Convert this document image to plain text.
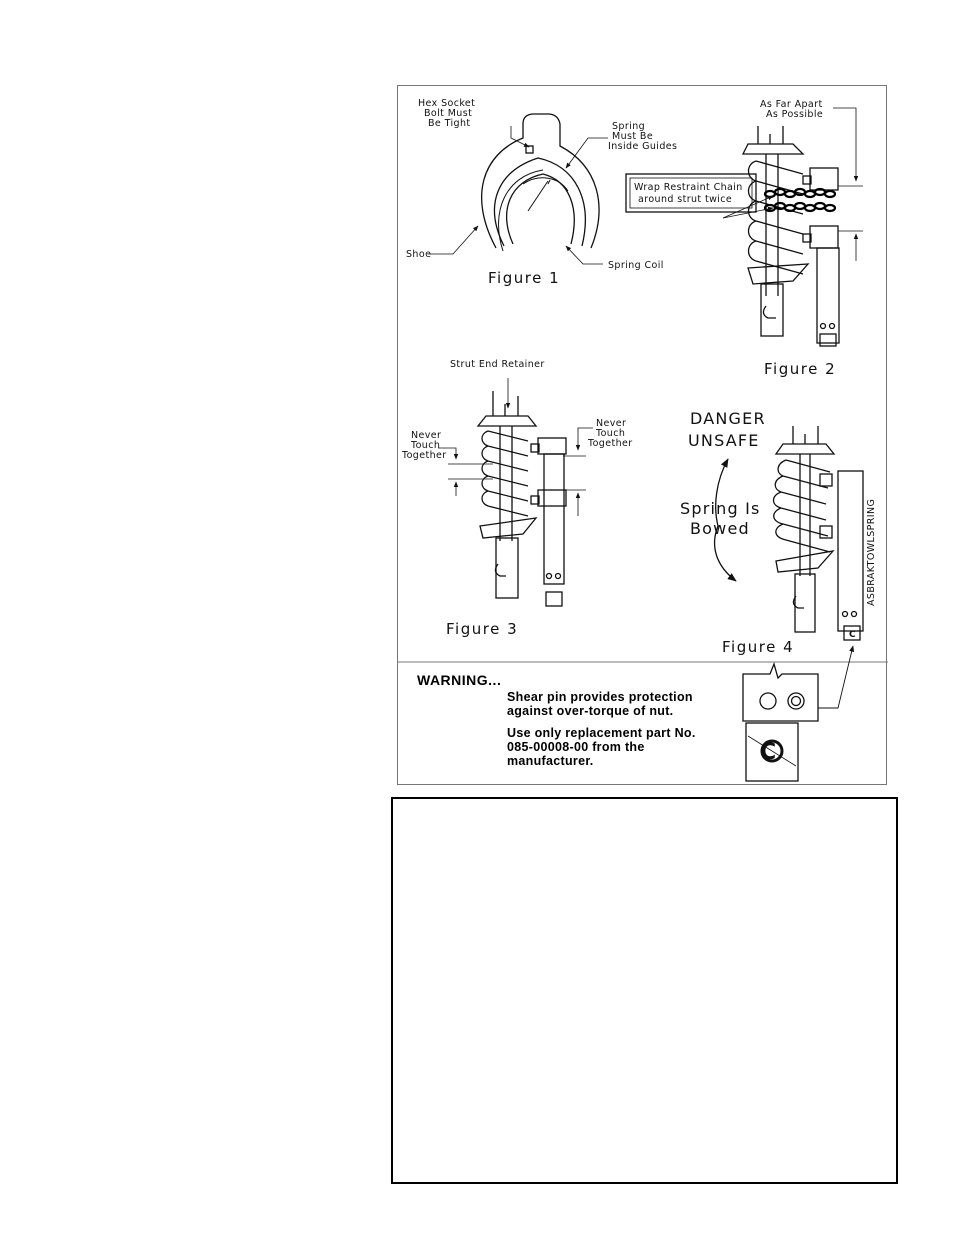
Hex Socket
Bolt Must
Be Tight	Spring
Must Be
Inside Guides
Shoe
Spring Coil
Figure 1
As Far Apart
As Possible
Wrap Restraint Chain
around strut twice
Figure 2
Strut End Retainer
Never
Touch
Together
Never
Touch
Together
Figure 3
DANGER
UNSAFE
Spring Is
Bowed
C
ASBRAKTOWLSPRING
Figure 4
C
WARNING...
Shear pin provides protection against over-torque of nut.
Use only replacement part No. 085-00008-00 from the manufacturer.
